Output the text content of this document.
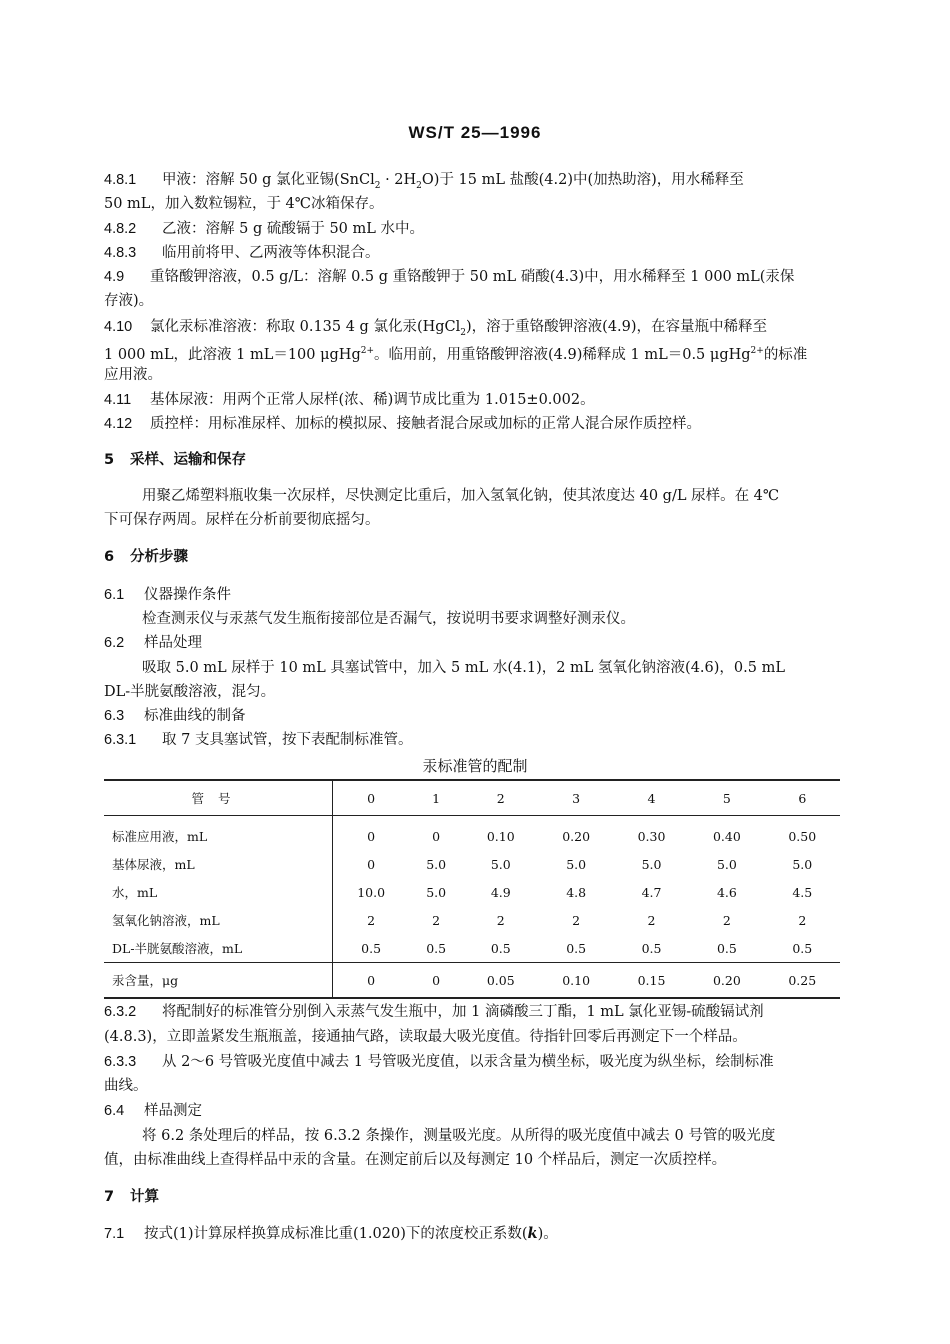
WS/T 25—1996
4.8.1 甲液：溶解 50 g 氯化亚锡(SnCl$_2$ · $2H_2O$)于 15 mL 盐酸(4.2)中(加热助溶)，用水稀释至
50 mL，加入数粒锡粒，于 4℃冰箱保存。
4.8.2 乙液：溶解 5 g 硫酸镉于 50 mL 水中。
4.8.3 临用前将甲、乙两液等体积混合。
4.9 重铬酸钾溶液，0.5 g/L：溶解 0.5 g 重铬酸钾于 50 mL 硝酸(4.3)中，用水稀释至 1 000 mL(汞保
存液)。
4.10 氯化汞标准溶液：称取 0.135 4 g 氯化汞(HgCl$_2$)，溶于重铬酸钾溶液(4.9)，在容量瓶中稀释至
1 000 mL，此溶液 1 mL＝100 μgHg$^{2+}$。临用前，用重铬酸钾溶液(4.9)稀释成 1 mL＝0.5 μgHg$^{2+}$的标准
应用液。
4.11 基体尿液：用两个正常人尿样(浓、稀)调节成比重为 1.015±0.002。
4.12 质控样：用标准尿样、加标的模拟尿、接触者混合尿或加标的正常人混合尿作质控样。
5 采样、运输和保存
用聚乙烯塑料瓶收集一次尿样，尽快测定比重后，加入氢氧化钠，使其浓度达 40 g/L 尿样。在 4℃
下可保存两周。尿样在分析前要彻底摇匀。
6 分析步骤
6.1 仪器操作条件
检查测汞仪与汞蒸气发生瓶衔接部位是否漏气，按说明书要求调整好测汞仪。
6.2 样品处理
吸取 5.0 mL 尿样于 10 mL 具塞试管中，加入 5 mL 水(4.1)，2 mL 氢氧化钠溶液(4.6)，0.5 mL
DL-半胱氨酸溶液，混匀。
6.3 标准曲线的制备
6.3.1 取 7 支具塞试管，按下表配制标准管。
汞标准管的配制
管号	0	1	2	3	4	5	6
标准应用液，mL	0	0	0.10	0.20	0.30	0.40	0.50
基体尿液，mL	0	5.0	5.0	5.0	5.0	5.0	5.0
水，mL	10.0	5.0	4.9	4.8	4.7	4.6	4.5
氢氧化钠溶液，mL	2	2	2	2	2	2	2
DL-半胱氨酸溶液，mL	0.5	0.5	0.5	0.5	0.5	0.5	0.5
汞含量，μg	0	0	0.05	0.10	0.15	0.20	0.25
6.3.2 将配制好的标准管分别倒入汞蒸气发生瓶中，加 1 滴磷酸三丁酯，1 mL 氯化亚锡-硫酸镉试剂
(4.8.3)，立即盖紧发生瓶瓶盖，接通抽气路，读取最大吸光度值。待指针回零后再测定下一个样品。
6.3.3 从 2～6 号管吸光度值中减去 1 号管吸光度值，以汞含量为横坐标，吸光度为纵坐标，绘制标准
曲线。
6.4 样品测定
将 6.2 条处理后的样品，按 6.3.2 条操作，测量吸光度。从所得的吸光度值中减去 0 号管的吸光度
值，由标准曲线上查得样品中汞的含量。在测定前后以及每测定 10 个样品后，测定一次质控样。
7 计算
7.1 按式(1)计算尿样换算成标准比重(1.020)下的浓度校正系数(k)。
